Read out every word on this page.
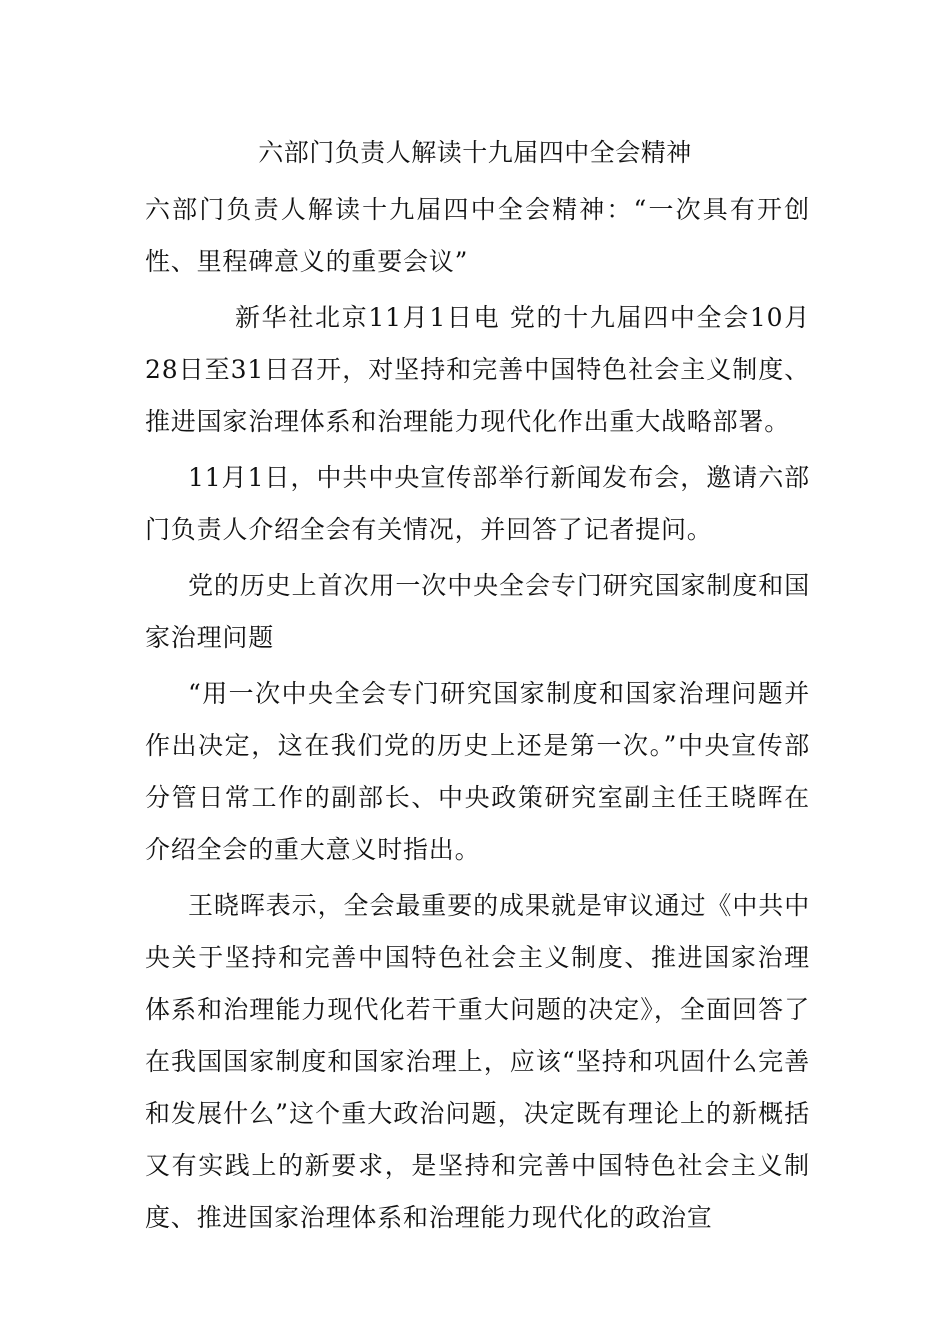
六部门负责人解读十九届四中全会精神

六部门负责人解读十九届四中全会精神：“一次具有开创性、里程碑意义的重要会议”

新华社北京11月1日电 党的十九届四中全会10月28日至31日召开，对坚持和完善中国特色社会主义制度、推进国家治理体系和治理能力现代化作出重大战略部署。

11月1日，中共中央宣传部举行新闻发布会，邀请六部门负责人介绍全会有关情况，并回答了记者提问。

党的历史上首次用一次中央全会专门研究国家制度和国家治理问题

“用一次中央全会专门研究国家制度和国家治理问题并作出决定，这在我们党的历史上还是第一次。”中央宣传部分管日常工作的副部长、中央政策研究室副主任王晓晖在介绍全会的重大意义时指出。

王晓晖表示，全会最重要的成果就是审议通过《中共中央关于坚持和完善中国特色社会主义制度、推进国家治理体系和治理能力现代化若干重大问题的决定》，全面回答了在我国国家制度和国家治理上，应该“坚持和巩固什么完善和发展什么”这个重大政治问题，决定既有理论上的新概括又有实践上的新要求，是坚持和完善中国特色社会主义制度、推进国家治理体系和治理能力现代化的政治宣
